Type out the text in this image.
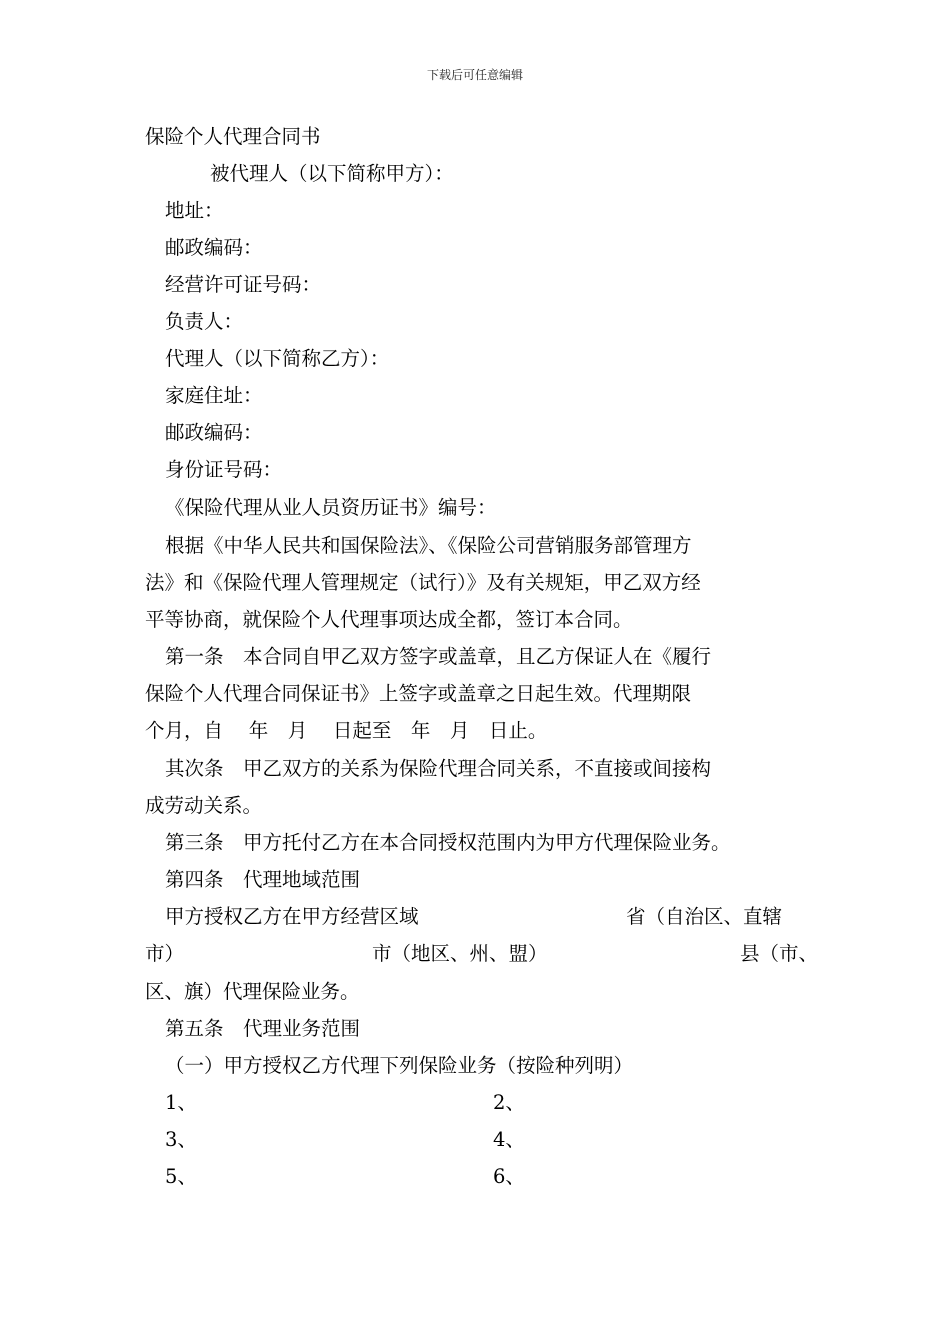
下载后可任意编辑
保险个人代理合同书
被代理人（以下简称甲方）：
地址：
邮政编码：
经营许可证号码：
负责人：
代理人（以下简称乙方）：
家庭住址：
邮政编码：
身份证号码：
《保险代理从业人员资历证书》编号：
根据《中华人民共和国保险法》、《保险公司营销服务部管理方
法》和《保险代理人管理规定（试行）》及有关规矩，甲乙双方经
平等协商，就保险个人代理事项达成全都，签订本合同。
第一条　本合同自甲乙双方签字或盖章，且乙方保证人在《履行
保险个人代理合同保证书》上签字或盖章之日起生效。代理期限
个月，自　 年　月　 日起至　年　月　日止。
其次条　甲乙双方的关系为保险代理合同关系，不直接或间接构
成劳动关系。
第三条　甲方托付乙方在本合同授权范围内为甲方代理保险业务。
第四条　代理地域范围
甲方授权乙方在甲方经营区域	省（自治区、直辖
市）	市（地区、州、盟）	县（市、
区、旗）代理保险业务。
第五条　代理业务范围
（一）甲方授权乙方代理下列保险业务（按险种列明）
1、	2、
3、	4、
5、	6、
